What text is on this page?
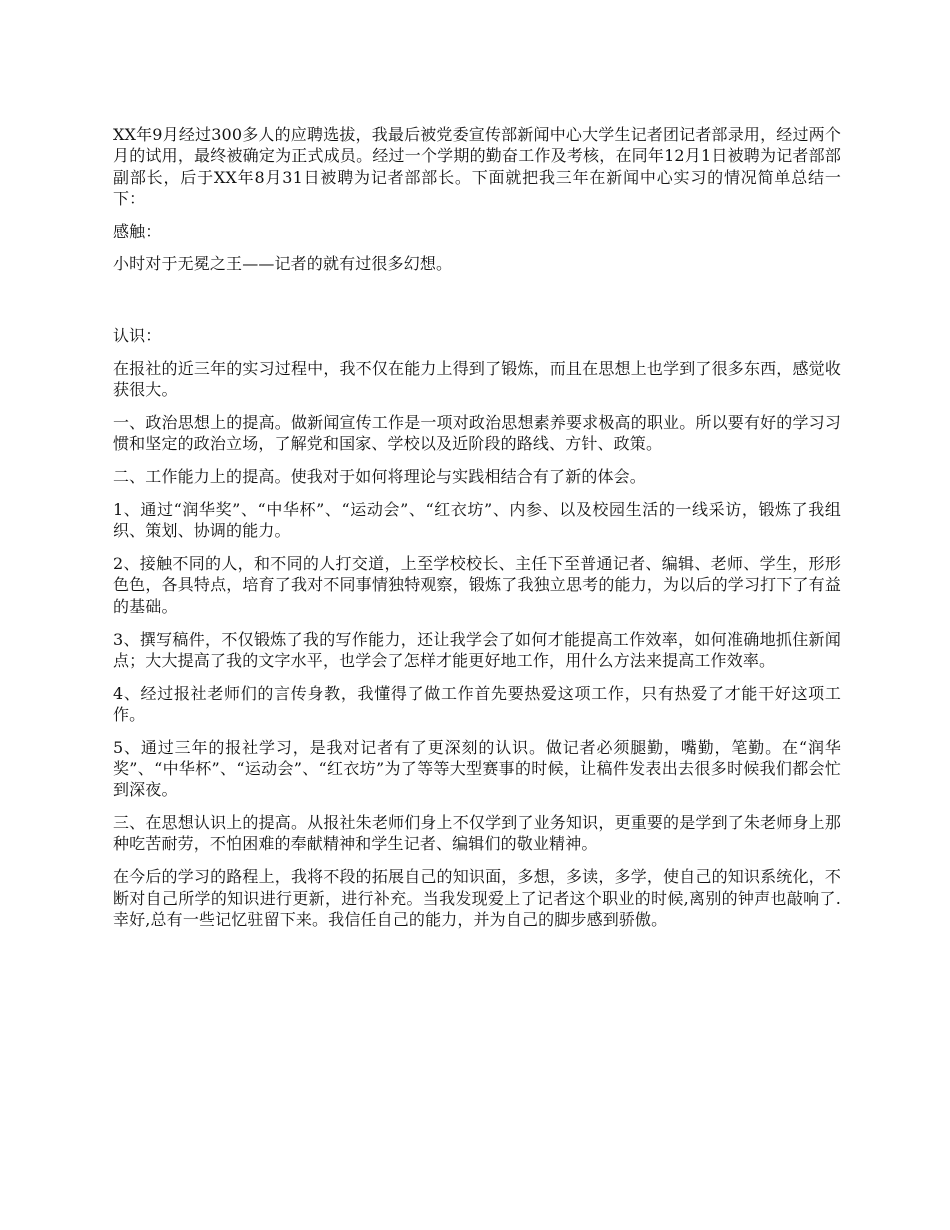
XX年9月经过300多人的应聘选拔，我最后被党委宣传部新闻中心大学生记者团记者部录用，经过两个月的试用，最终被确定为正式成员。经过一个学期的勤奋工作及考核，在同年12月1日被聘为记者部部副部长，后于XX年8月31日被聘为记者部部长。下面就把我三年在新闻中心实习的情况简单总结一下：

感触：

小时对于无冕之王——记者的就有过很多幻想。

认识：

在报社的近三年的实习过程中，我不仅在能力上得到了锻炼，而且在思想上也学到了很多东西，感觉收获很大。

一、政治思想上的提高。做新闻宣传工作是一项对政治思想素养要求极高的职业。所以要有好的学习习惯和坚定的政治立场，了解党和国家、学校以及近阶段的路线、方针、政策。

二、工作能力上的提高。使我对于如何将理论与实践相结合有了新的体会。

1、通过“润华奖”、“中华杯”、“运动会”、“红衣坊”、内参、以及校园生活的一线采访，锻炼了我组织、策划、协调的能力。

2、接触不同的人，和不同的人打交道，上至学校校长、主任下至普通记者、编辑、老师、学生，形形色色，各具特点，培育了我对不同事情独特观察，锻炼了我独立思考的能力，为以后的学习打下了有益的基础。

3、撰写稿件，不仅锻炼了我的写作能力，还让我学会了如何才能提高工作效率，如何准确地抓住新闻点；大大提高了我的文字水平，也学会了怎样才能更好地工作，用什么方法来提高工作效率。

4、经过报社老师们的言传身教，我懂得了做工作首先要热爱这项工作，只有热爱了才能干好这项工作。

5、通过三年的报社学习，是我对记者有了更深刻的认识。做记者必须腿勤，嘴勤，笔勤。在“润华奖”、“中华杯”、“运动会”、“红衣坊”为了等等大型赛事的时候，让稿件发表出去很多时候我们都会忙到深夜。

三、在思想认识上的提高。从报社朱老师们身上不仅学到了业务知识，更重要的是学到了朱老师身上那种吃苦耐劳，不怕困难的奉献精神和学生记者、编辑们的敬业精神。

在今后的学习的路程上，我将不段的拓展自己的知识面，多想，多读，多学，使自己的知识系统化，不断对自己所学的知识进行更新，进行补充。当我发现爱上了记者这个职业的时候,离别的钟声也敲响了.幸好,总有一些记忆驻留下来。我信任自己的能力，并为自己的脚步感到骄傲。
